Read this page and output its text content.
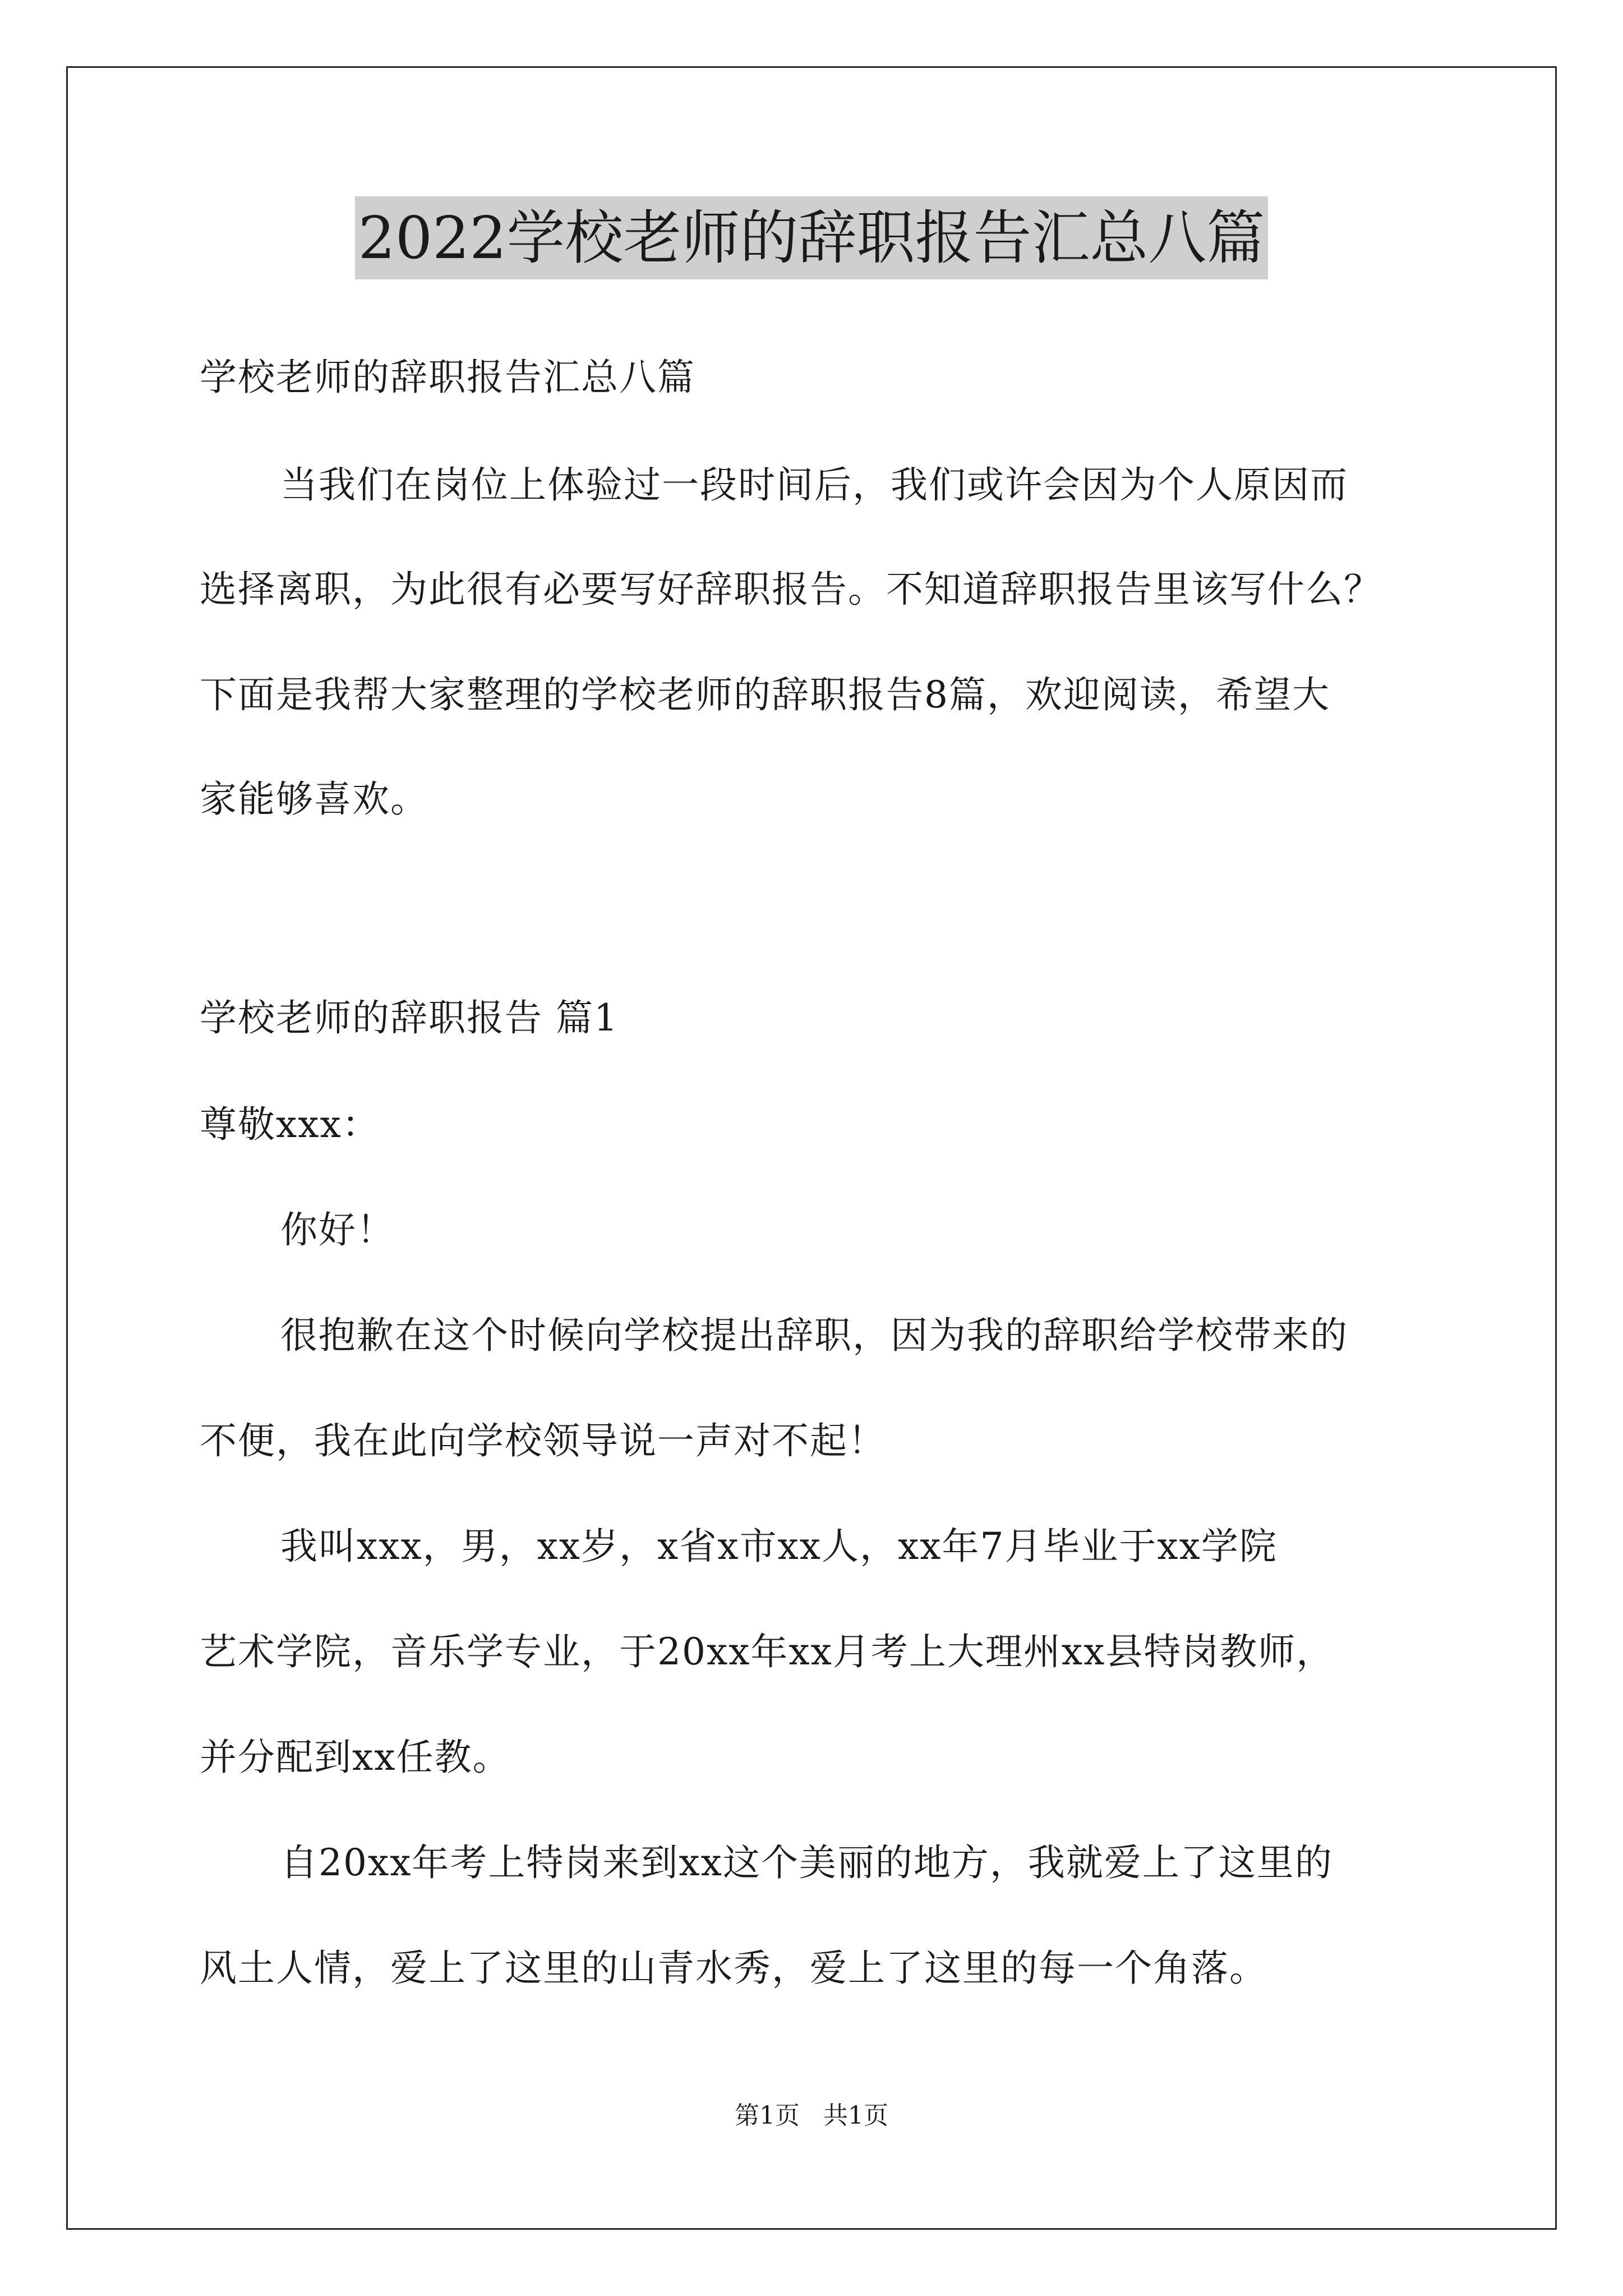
2022学校老师的辞职报告汇总八篇
学校老师的辞职报告汇总八篇
当我们在岗位上体验过一段时间后，我们或许会因为个人原因而
选择离职，为此很有必要写好辞职报告。不知道辞职报告里该写什么？
下面是我帮大家整理的学校老师的辞职报告8篇，欢迎阅读，希望大
家能够喜欢。
学校老师的辞职报告 篇1
尊敬xxx：
你好！
很抱歉在这个时候向学校提出辞职，因为我的辞职给学校带来的
不便，我在此向学校领导说一声对不起！
我叫xxx，男，xx岁，x省x市xx人，xx年7月毕业于xx学院
艺术学院，音乐学专业，于20xx年xx月考上大理州xx县特岗教师，
并分配到xx任教。
自20xx年考上特岗来到xx这个美丽的地方，我就爱上了这里的
风土人情，爱上了这里的山青水秀，爱上了这里的每一个角落。
第1页 共1页
